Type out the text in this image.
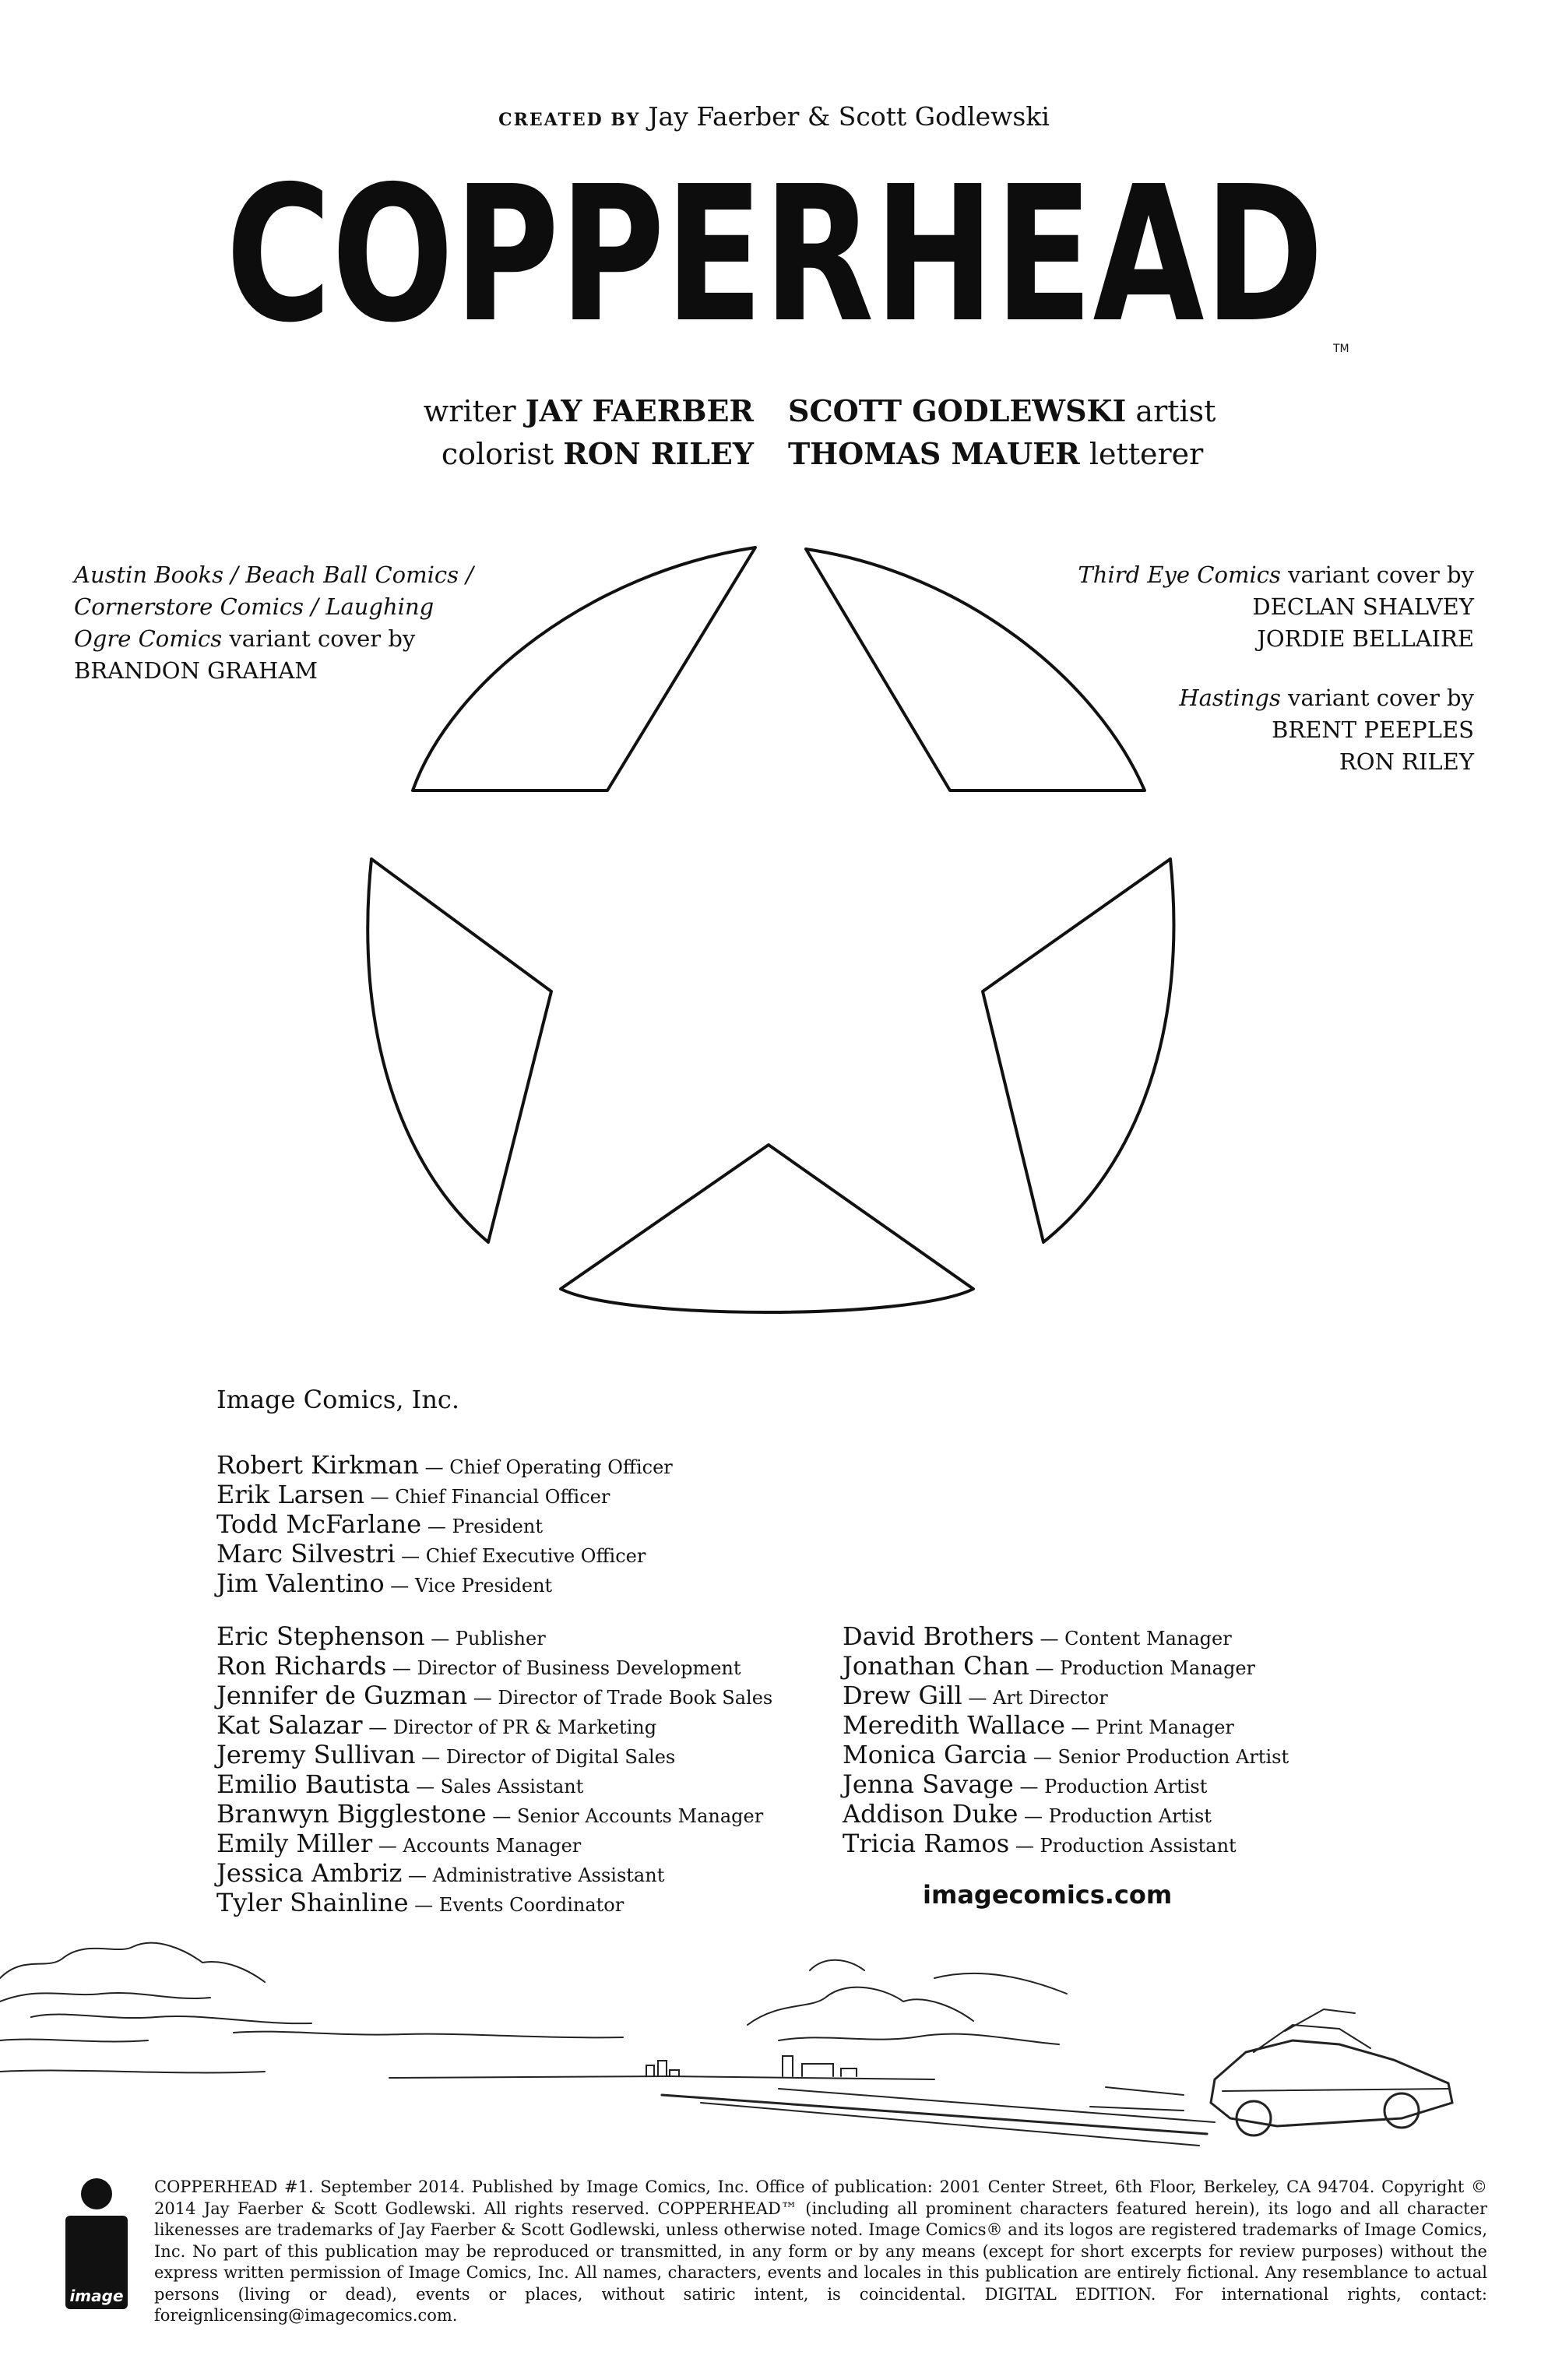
CREATED BY Jay Faerber & Scott Godlewski
COPPERHEAD TM
writer JAY FAERBER
colorist RON RILEY
SCOTT GODLEWSKI artist
THOMAS MAUER letterer
Austin Books / Beach Ball Comics /
Cornerstore Comics / Laughing
Ogre Comics variant cover by
BRANDON GRAHAM
Third Eye Comics variant cover by
DECLAN SHALVEY
JORDIE BELLAIRE
Hastings variant cover by
BRENT PEEPLES
RON RILEY
Image Comics, Inc.
Robert Kirkman — Chief Operating Officer
Erik Larsen — Chief Financial Officer
Todd McFarlane — President
Marc Silvestri — Chief Executive Officer
Jim Valentino — Vice President
Eric Stephenson — Publisher
Ron Richards — Director of Business Development
Jennifer de Guzman — Director of Trade Book Sales
Kat Salazar — Director of PR & Marketing
Jeremy Sullivan — Director of Digital Sales
Emilio Bautista — Sales Assistant
Branwyn Bigglestone — Senior Accounts Manager
Emily Miller — Accounts Manager
Jessica Ambriz — Administrative Assistant
Tyler Shainline — Events Coordinator
David Brothers — Content Manager
Jonathan Chan — Production Manager
Drew Gill — Art Director
Meredith Wallace — Print Manager
Monica Garcia — Senior Production Artist
Jenna Savage — Production Artist
Addison Duke — Production Artist
Tricia Ramos — Production Assistant
imagecomics.com
image
COPPERHEAD #1. September 2014. Published by Image Comics, Inc. Office of publication: 2001 Center Street, 6th Floor, Berkeley, CA 94704. Copyright © 2014 Jay Faerber & Scott Godlewski. All rights reserved. COPPERHEAD™ (including all prominent characters featured herein), its logo and all character likenesses are trademarks of Jay Faerber & Scott Godlewski, unless otherwise noted. Image Comics® and its logos are registered trademarks of Image Comics, Inc. No part of this publication may be reproduced or transmitted, in any form or by any means (except for short excerpts for review purposes) without the express written permission of Image Comics, Inc. All names, characters, events and locales in this publication are entirely fictional. Any resemblance to actual persons (living or dead), events or places, without satiric intent, is coincidental. DIGITAL EDITION. For international rights, contact: foreignlicensing@imagecomics.com.
